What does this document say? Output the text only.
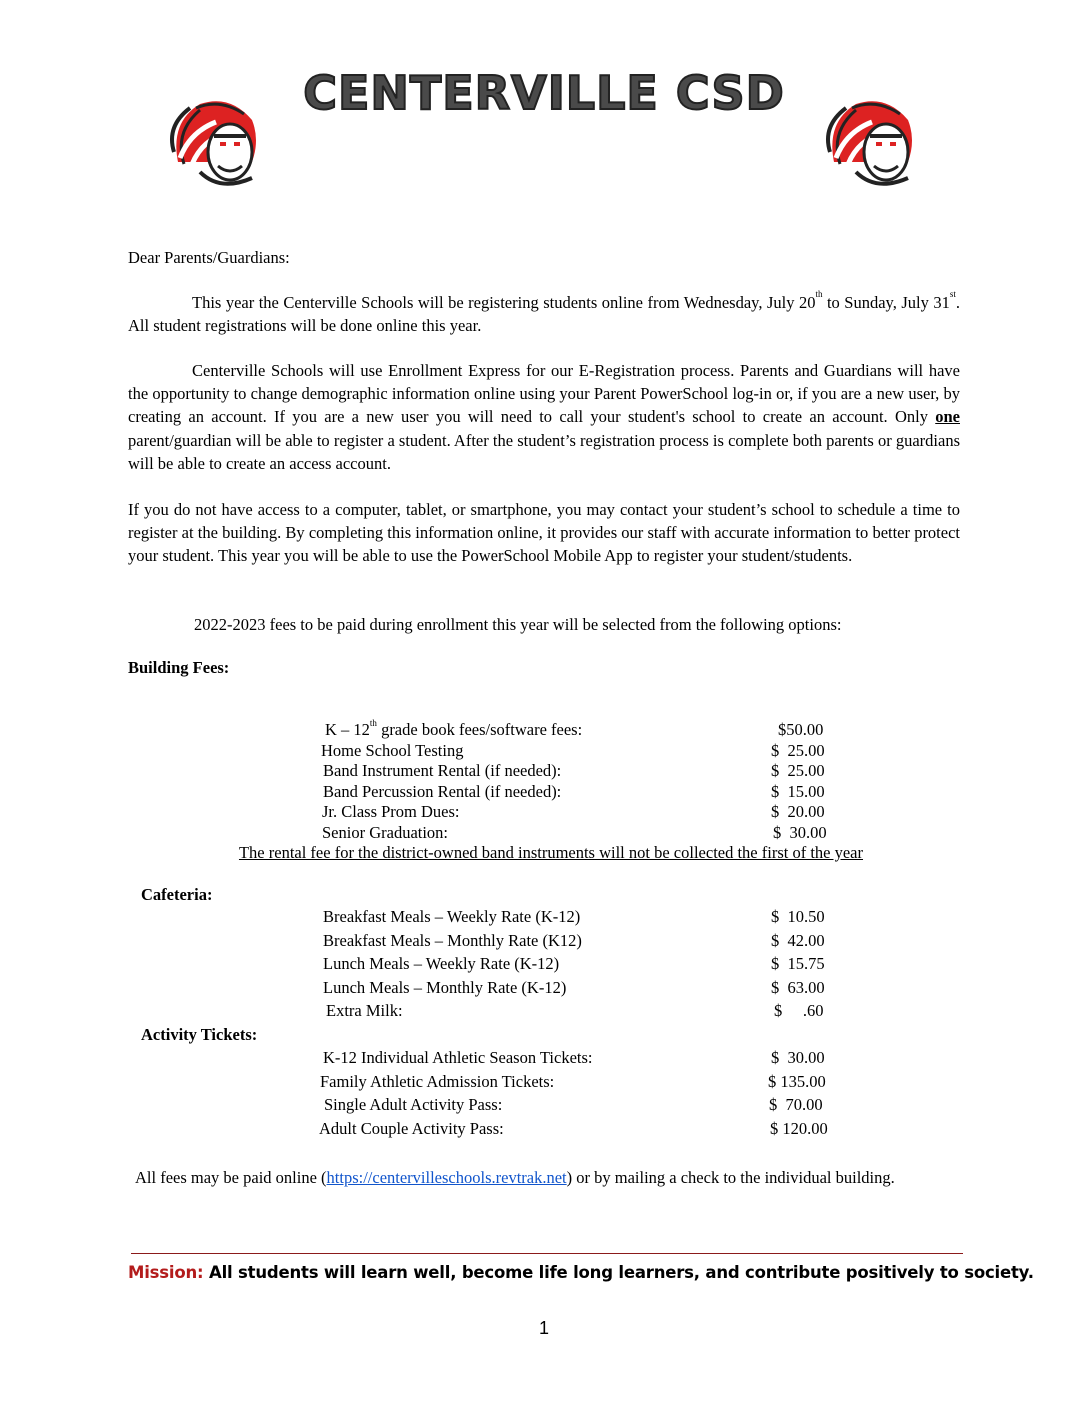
CENTERVILLE CSD

Dear Parents/Guardians:

This year the Centerville Schools will be registering students online from Wednesday, July 20th to Sunday, July 31st. All student registrations will be done online this year.

Centerville Schools will use Enrollment Express for our E-Registration process. Parents and Guardians will have the opportunity to change demographic information online using your Parent PowerSchool log-in or, if you are a new user, by creating an account. If you are a new user you will need to call your student's school to create an account. Only one parent/guardian will be able to register a student. After the student’s registration process is complete both parents or guardians will be able to create an access account.

If you do not have access to a computer, tablet, or smartphone, you may contact your student’s school to schedule a time to register at the building. By completing this information online, it provides our staff with accurate information to better protect your student. This year you will be able to use the PowerSchool Mobile App to register your student/students.

2022-2023 fees to be paid during enrollment this year will be selected from the following options:

Building Fees:

K – 12th grade book fees/software fees:	$50.00
Home School Testing	$  25.00
Band Instrument Rental (if needed):	$  25.00
Band Percussion Rental (if needed):	$  15.00
Jr. Class Prom Dues:	$  20.00
Senior Graduation:	$  30.00
The rental fee for the district-owned band instruments will not be collected the first of the year

Cafeteria:

Breakfast Meals – Weekly Rate (K-12)	$  10.50
Breakfast Meals – Monthly Rate (K12)	$  42.00
Lunch Meals – Weekly Rate (K-12)	$  15.75
Lunch Meals – Monthly Rate (K-12)	$  63.00
Extra Milk:	$     .60

Activity Tickets:

K-12 Individual Athletic Season Tickets:	$  30.00
Family Athletic Admission Tickets:	$ 135.00
Single Adult Activity Pass:	$  70.00
Adult Couple Activity Pass:	$ 120.00

All fees may be paid online (https://centervilleschools.revtrak.net) or by mailing a check to the individual building.

Mission: All students will learn well, become life long learners, and contribute positively to society.
1
